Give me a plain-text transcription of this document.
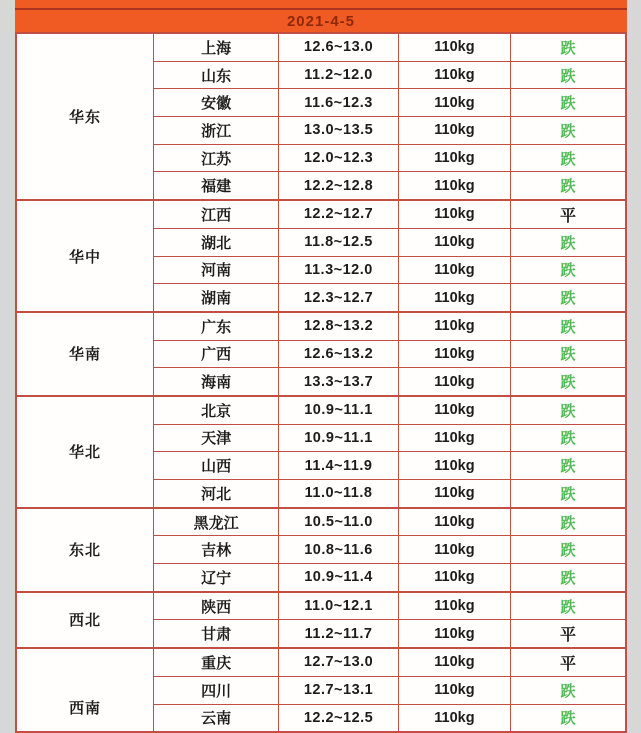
2021-4-5
华东	上海	12.6~13.0	110kg	跌
	山东	11.2~12.0	110kg	跌
	安徽	11.6~12.3	110kg	跌
	浙江	13.0~13.5	110kg	跌
	江苏	12.0~12.3	110kg	跌
	福建	12.2~12.8	110kg	跌
华中	江西	12.2~12.7	110kg	平
	湖北	11.8~12.5	110kg	跌
	河南	11.3~12.0	110kg	跌
	湖南	12.3~12.7	110kg	跌
华南	广东	12.8~13.2	110kg	跌
	广西	12.6~13.2	110kg	跌
	海南	13.3~13.7	110kg	跌
华北	北京	10.9~11.1	110kg	跌
	天津	10.9~11.1	110kg	跌
	山西	11.4~11.9	110kg	跌
	河北	11.0~11.8	110kg	跌
东北	黑龙江	10.5~11.0	110kg	跌
	吉林	10.8~11.6	110kg	跌
	辽宁	10.9~11.4	110kg	跌
西北	陕西	11.0~12.1	110kg	跌
	甘肃	11.2~11.7	110kg	平
西南	重庆	12.7~13.0	110kg	平
	四川	12.7~13.1	110kg	跌
	云南	12.2~12.5	110kg	跌
